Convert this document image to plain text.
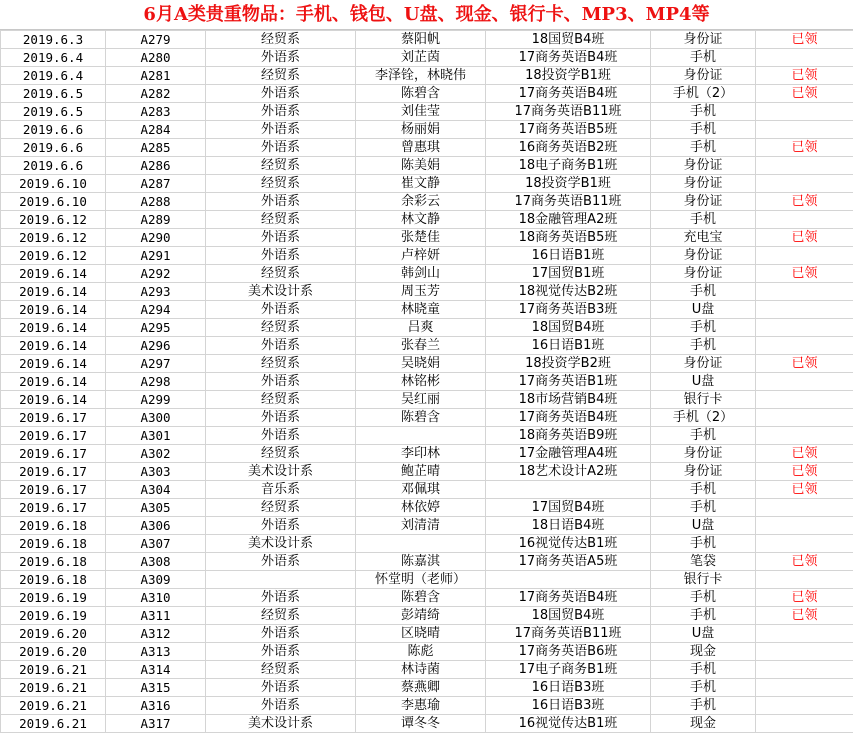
6月A类贵重物品：手机、钱包、U盘、现金、银行卡、MP3、MP4等
2019.6.3	A279	经贸系	蔡阳帆	18国贸B4班	身份证	已领
2019.6.4	A280	外语系	刘芷茵	17商务英语B4班	手机	
2019.6.4	A281	经贸系	李泽铨，林晓伟	18投资学B1班	身份证	已领
2019.6.5	A282	外语系	陈碧含	17商务英语B4班	手机（2）	已领
2019.6.5	A283	外语系	刘佳莹	17商务英语B11班	手机	
2019.6.6	A284	外语系	杨丽娟	17商务英语B5班	手机	
2019.6.6	A285	外语系	曾惠琪	16商务英语B2班	手机	已领
2019.6.6	A286	经贸系	陈美娟	18电子商务B1班	身份证	
2019.6.10	A287	经贸系	崔文静	18投资学B1班	身份证	
2019.6.10	A288	外语系	余彩云	17商务英语B11班	身份证	已领
2019.6.12	A289	经贸系	林文静	18金融管理A2班	手机	
2019.6.12	A290	外语系	张楚佳	18商务英语B5班	充电宝	已领
2019.6.12	A291	外语系	卢梓妍	16日语B1班	身份证	
2019.6.14	A292	经贸系	韩剑山	17国贸B1班	身份证	已领
2019.6.14	A293	美术设计系	周玉芳	18视觉传达B2班	手机	
2019.6.14	A294	外语系	林晓童	17商务英语B3班	U盘	
2019.6.14	A295	经贸系	吕爽	18国贸B4班	手机	
2019.6.14	A296	外语系	张春兰	16日语B1班	手机	
2019.6.14	A297	经贸系	吴晓娟	18投资学B2班	身份证	已领
2019.6.14	A298	外语系	林铭彬	17商务英语B1班	U盘	
2019.6.14	A299	经贸系	吴红丽	18市场营销B4班	银行卡	
2019.6.17	A300	外语系	陈碧含	17商务英语B4班	手机（2）	
2019.6.17	A301	外语系		18商务英语B9班	手机	
2019.6.17	A302	经贸系	李印林	17金融管理A4班	身份证	已领
2019.6.17	A303	美术设计系	鲍芷晴	18艺术设计A2班	身份证	已领
2019.6.17	A304	音乐系	邓佩琪		手机	已领
2019.6.17	A305	经贸系	林依婷	17国贸B4班	手机	
2019.6.18	A306	外语系	刘清清	18日语B4班	U盘	
2019.6.18	A307	美术设计系		16视觉传达B1班	手机	
2019.6.18	A308	外语系	陈嘉淇	17商务英语A5班	笔袋	已领
2019.6.18	A309		怀堂明（老师）		银行卡	
2019.6.19	A310	外语系	陈碧含	17商务英语B4班	手机	已领
2019.6.19	A311	经贸系	彭靖绮	18国贸B4班	手机	已领
2019.6.20	A312	外语系	区晓晴	17商务英语B11班	U盘	
2019.6.20	A313	外语系	陈彪	17商务英语B6班	现金	
2019.6.21	A314	经贸系	林诗菌	17电子商务B1班	手机	
2019.6.21	A315	外语系	蔡燕卿	16日语B3班	手机	
2019.6.21	A316	外语系	李惠瑜	16日语B3班	手机	
2019.6.21	A317	美术设计系	谭冬冬	16视觉传达B1班	现金	
